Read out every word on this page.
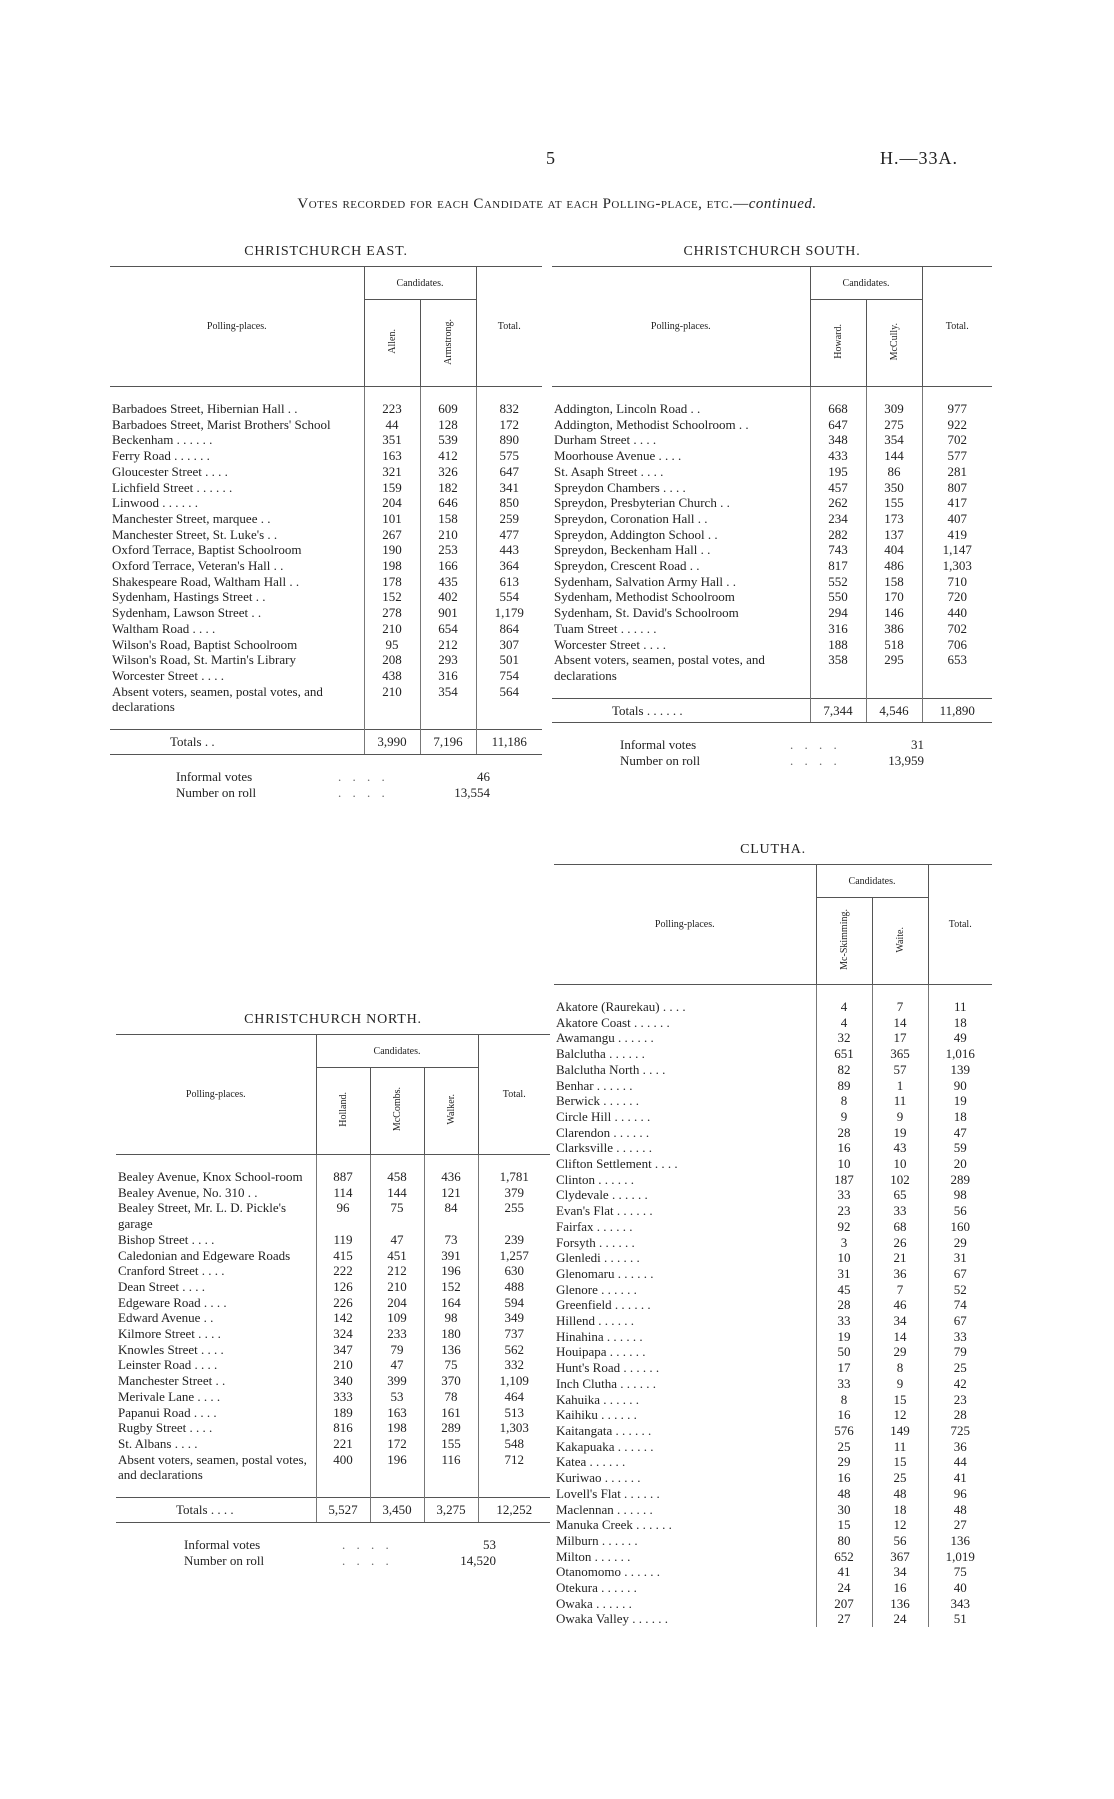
5	H.—33A.
Votes recorded for each Candidate at each Polling-place, etc.—continued.
CHRISTCHURCH EAST.
Polling-places.	Candidates.		Total.
	Allen.	Armstrong.	

Barbadoes Street, Hibernian Hall . .	223	609	832
Barbadoes Street, Marist Brothers' School	44	128	172
Beckenham . . . . . .	351	539	890
Ferry Road . . . . . .	163	412	575
Gloucester Street . . . .	321	326	647
Lichfield Street . . . . . .	159	182	341
Linwood . . . . . .	204	646	850
Manchester Street, marquee . .	101	158	259
Manchester Street, St. Luke's . .	267	210	477
Oxford Terrace, Baptist Schoolroom	190	253	443
Oxford Terrace, Veteran's Hall . .	198	166	364
Shakespeare Road, Waltham Hall . .	178	435	613
Sydenham, Hastings Street . .	152	402	554
Sydenham, Lawson Street . .	278	901	1,179
Waltham Road . . . .	210	654	864
Wilson's Road, Baptist Schoolroom	95	212	307
Wilson's Road, St. Martin's Library	208	293	501
Worcester Street . . . .	438	316	754
Absent voters, seamen, postal votes, and declarations	210	354	564

Totals . .	3,990	7,196	11,186
Informal votes	. . . .	46
Number on roll	. . . .	13,554
CHRISTCHURCH SOUTH.
Polling-places.	Candidates.		Total.
	Howard.	McCully.	

Addington, Lincoln Road . .	668	309	977
Addington, Methodist Schoolroom . .	647	275	922
Durham Street . . . .	348	354	702
Moorhouse Avenue . . . .	433	144	577
St. Asaph Street . . . .	195	86	281
Spreydon Chambers . . . .	457	350	807
Spreydon, Presbyterian Church . .	262	155	417
Spreydon, Coronation Hall . .	234	173	407
Spreydon, Addington School . .	282	137	419
Spreydon, Beckenham Hall . .	743	404	1,147
Spreydon, Crescent Road . .	817	486	1,303
Sydenham, Salvation Army Hall . .	552	158	710
Sydenham, Methodist Schoolroom	550	170	720
Sydenham, St. David's Schoolroom	294	146	440
Tuam Street . . . . . .	316	386	702
Worcester Street . . . .	188	518	706
Absent voters, seamen, postal votes, and declarations	358	295	653

Totals . . . . . .	7,344	4,546	11,890
Informal votes	. . . .	31
Number on roll	. . . .	13,959
CHRISTCHURCH NORTH.
Polling-places.	Candidates.			Total.
	Holland.	McCombs.	Walker.	

Bealey Avenue, Knox School-room	887	458	436	1,781
Bealey Avenue, No. 310 . .	114	144	121	379
Bealey Street, Mr. L. D. Pickle's garage	96	75	84	255
Bishop Street . . . .	119	47	73	239
Caledonian and Edgeware Roads	415	451	391	1,257
Cranford Street . . . .	222	212	196	630
Dean Street . . . .	126	210	152	488
Edgeware Road . . . .	226	204	164	594
Edward Avenue . .	142	109	98	349
Kilmore Street . . . .	324	233	180	737
Knowles Street . . . .	347	79	136	562
Leinster Road . . . .	210	47	75	332
Manchester Street . .	340	399	370	1,109
Merivale Lane . . . .	333	53	78	464
Papanui Road . . . .	189	163	161	513
Rugby Street . . . .	816	198	289	1,303
St. Albans . . . .	221	172	155	548
Absent voters, seamen, postal votes, and declarations	400	196	116	712

Totals . . . .	5,527	3,450	3,275	12,252
Informal votes	. . . .	53
Number on roll	. . . .	14,520
CLUTHA.
Polling-places.	Candidates.		Total.
	Mc-Skimming.	Waite.	

Akatore (Raurekau) . . . .	4	7	11
Akatore Coast . . . . . .	4	14	18
Awamangu . . . . . .	32	17	49
Balclutha . . . . . .	651	365	1,016
Balclutha North . . . .	82	57	139
Benhar . . . . . .	89	1	90
Berwick . . . . . .	8	11	19
Circle Hill . . . . . .	9	9	18
Clarendon . . . . . .	28	19	47
Clarksville . . . . . .	16	43	59
Clifton Settlement . . . .	10	10	20
Clinton . . . . . .	187	102	289
Clydevale . . . . . .	33	65	98
Evan's Flat . . . . . .	23	33	56
Fairfax . . . . . .	92	68	160
Forsyth . . . . . .	3	26	29
Glenledi . . . . . .	10	21	31
Glenomaru . . . . . .	31	36	67
Glenore . . . . . .	45	7	52
Greenfield . . . . . .	28	46	74
Hillend . . . . . .	33	34	67
Hinahina . . . . . .	19	14	33
Houipapa . . . . . .	50	29	79
Hunt's Road . . . . . .	17	8	25
Inch Clutha . . . . . .	33	9	42
Kahuika . . . . . .	8	15	23
Kaihiku . . . . . .	16	12	28
Kaitangata . . . . . .	576	149	725
Kakapuaka . . . . . .	25	11	36
Katea . . . . . .	29	15	44
Kuriwao . . . . . .	16	25	41
Lovell's Flat . . . . . .	48	48	96
Maclennan . . . . . .	30	18	48
Manuka Creek . . . . . .	15	12	27
Milburn . . . . . .	80	56	136
Milton . . . . . .	652	367	1,019
Otanomomo . . . . . .	41	34	75
Otekura . . . . . .	24	16	40
Owaka . . . . . .	207	136	343
Owaka Valley . . . . . .	27	24	51
